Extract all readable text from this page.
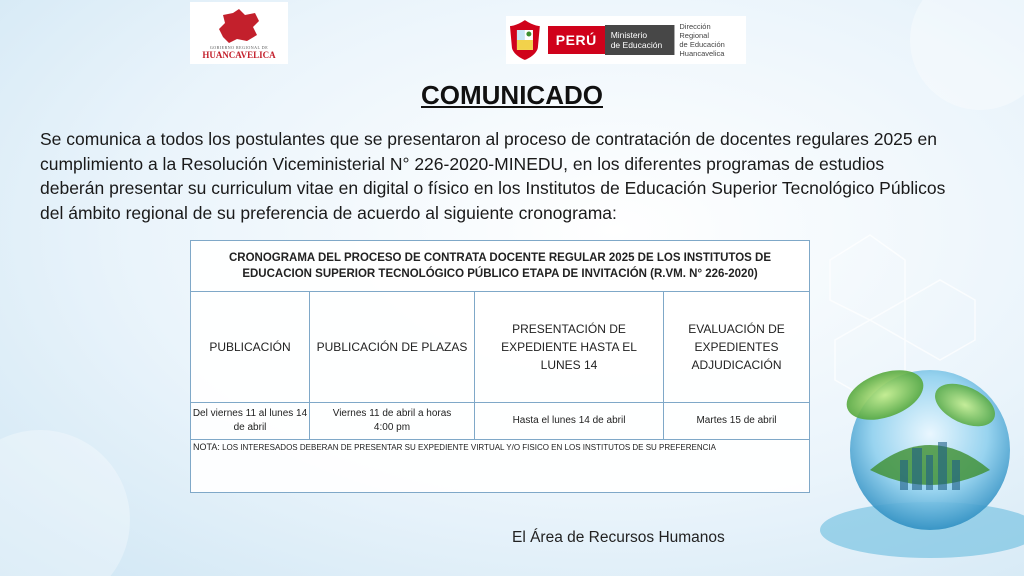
GOBIERNO REGIONAL DE
HUANCAVELICA
PERÚ	Ministerio
de Educación
Dirección Regional
de Educación
Huancavelica
COMUNICADO

Se comunica a todos los postulantes que se presentaron al proceso de contratación de docentes regulares 2025 en

cumplimiento a la Resolución Viceministerial N° 226-2020-MINEDU, en los diferentes programas de estudios

deberán presentar su curriculum vitae en digital o físico en los Institutos de Educación Superior Tecnológico Públicos

del ámbito regional de su preferencia de acuerdo al siguiente cronograma:

CRONOGRAMA DEL PROCESO DE CONTRATA DOCENTE REGULAR 2025 DE LOS INSTITUTOS DE
EDUCACION SUPERIOR TECNOLÓGICO PÚBLICO ETAPA DE INVITACIÓN (R.VM. N° 226-2020)			

PUBLICACIÓN	PUBLICACIÓN DE PLAZAS	PRESENTACIÓN DE EXPEDIENTE HASTA EL LUNES 14	EVALUACIÓN DE EXPEDIENTES ADJUDICACIÓN
Del viernes 11 al lunes 14 de abril	Viernes 11 de abril a horas 4:00 pm	Hasta el lunes 14 de abril	Martes 15 de abril
NOTA: LOS INTERESADOS DEBERAN DE PRESENTAR SU EXPEDIENTE VIRTUAL Y/O FISICO EN LOS INSTITUTOS DE SU PREFERENCIA			
El Área de Recursos Humanos
